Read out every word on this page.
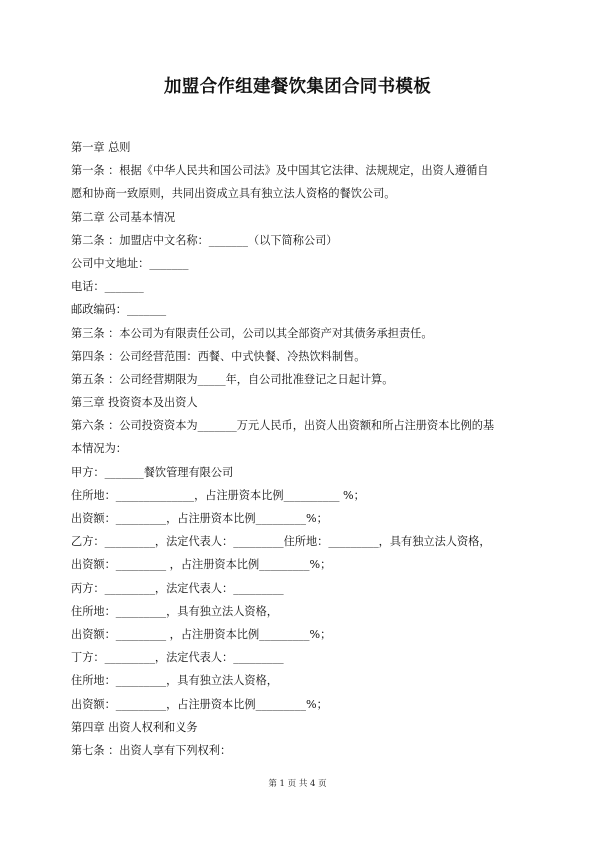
加盟合作组建餐饮集团合同书模板
第一章 总则
第一条 ：根据《中华人民共和国公司法》及中国其它法律、法规规定，出资人遵循自
愿和协商一致原则，共同出资成立具有独立法人资格的餐饮公司。
第二章 公司基本情况
第二条 ：加盟店中文名称：_______（以下简称公司）
公司中文地址：_______
电话：_______
邮政编码：_______
第三条 ：本公司为有限责任公司，公司以其全部资产对其债务承担责任。
第四条 ：公司经营范围：西餐、中式快餐、冷热饮料制售。
第五条 ：公司经营期限为_____年，自公司批准登记之日起计算。
第三章 投资资本及出资人
第六条 ：公司投资资本为_______万元人民币，出资人出资额和所占注册资本比例的基
本情况为：
甲方：_______餐饮管理有限公司
住所地：______________，占注册资本比例__________ %；
出资额：_________，占注册资本比例_________%；
乙方：_________，法定代表人：_________住所地：_________，具有独立法人资格，
出资额：_________ ，占注册资本比例_________%；
丙方：_________，法定代表人：_________
住所地：_________，具有独立法人资格，
出资额：_________ ，占注册资本比例_________%；
丁方：_________，法定代表人：_________
住所地：_________，具有独立法人资格，
出资额：_________，占注册资本比例_________%；
第四章 出资人权利和义务
第七条 ：出资人享有下列权利：
第 1 页 共 4 页
